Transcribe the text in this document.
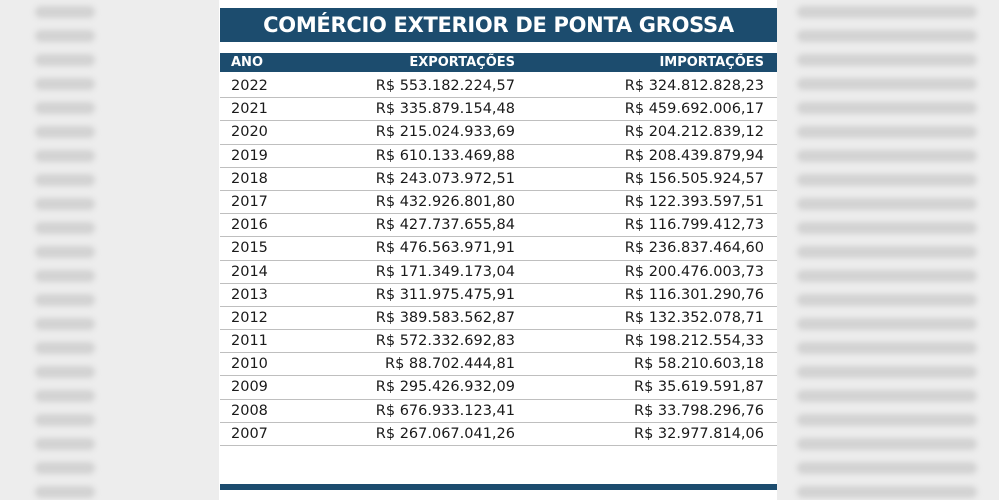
COMÉRCIO EXTERIOR DE PONTA GROSSA
ANO	EXPORTAÇÕES	IMPORTAÇÕES
2022	R$ 553.182.224,57	R$ 324.812.828,23
2021	R$ 335.879.154,48	R$ 459.692.006,17
2020	R$ 215.024.933,69	R$ 204.212.839,12
2019	R$ 610.133.469,88	R$ 208.439.879,94
2018	R$ 243.073.972,51	R$ 156.505.924,57
2017	R$ 432.926.801,80	R$ 122.393.597,51
2016	R$ 427.737.655,84	R$ 116.799.412,73
2015	R$ 476.563.971,91	R$ 236.837.464,60
2014	R$ 171.349.173,04	R$ 200.476.003,73
2013	R$ 311.975.475,91	R$ 116.301.290,76
2012	R$ 389.583.562,87	R$ 132.352.078,71
2011	R$ 572.332.692,83	R$ 198.212.554,33
2010	R$ 88.702.444,81	R$ 58.210.603,18
2009	R$ 295.426.932,09	R$ 35.619.591,87
2008	R$ 676.933.123,41	R$ 33.798.296,76
2007	R$ 267.067.041,26	R$ 32.977.814,06
